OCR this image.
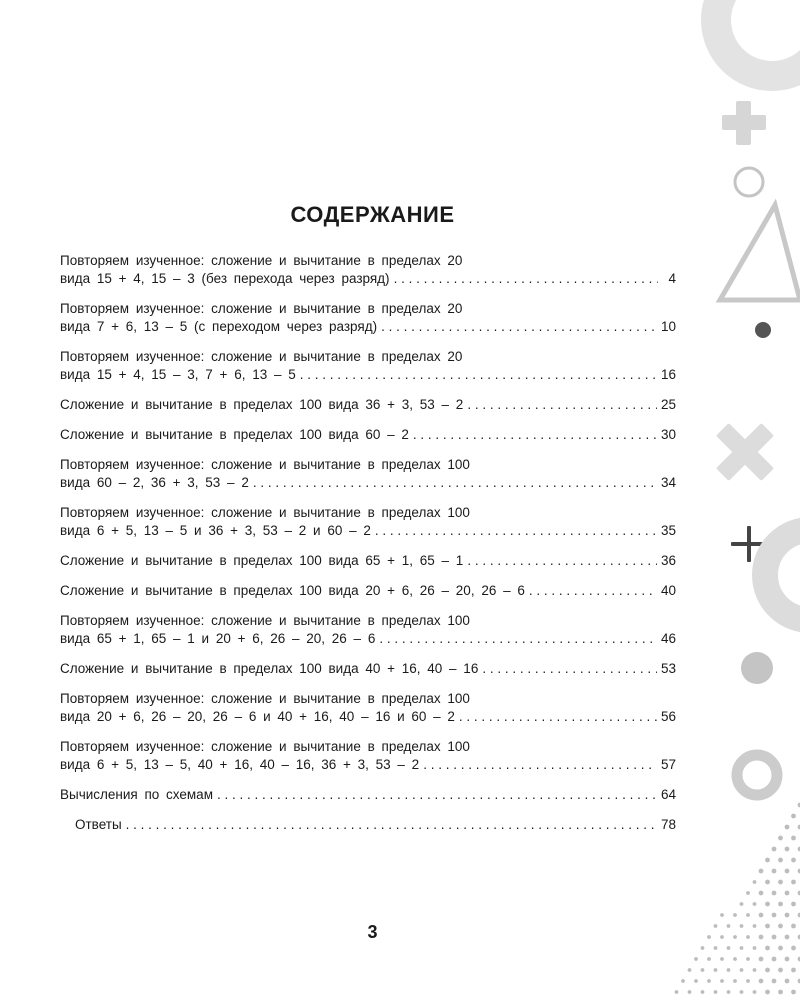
СОДЕРЖАНИЕ
Повторяем изученное: сложение и вычитание в пределах 20
вида 15 + 4, 15 – 3 (без перехода через разряд) . . .	4
Повторяем изученное: сложение и вычитание в пределах 20
вида 7 + 6, 13 – 5 (с переходом через разряд) . . .	10
Повторяем изученное: сложение и вычитание в пределах 20
вида 15 + 4, 15 – 3, 7 + 6, 13 – 5 . . .	16
Сложение и вычитание в пределах 100 вида 36 + 3, 53 – 2 . . .	25
Сложение и вычитание в пределах 100 вида 60 – 2 . . .	30
Повторяем изученное: сложение и вычитание в пределах 100
вида 60 – 2, 36 + 3, 53 – 2 . . .	34
Повторяем изученное: сложение и вычитание в пределах 100
вида 6 + 5, 13 – 5 и 36 + 3, 53 – 2 и 60 – 2 . . .	35
Сложение и вычитание в пределах 100 вида 65 + 1, 65 – 1 . . .	36
Сложение и вычитание в пределах 100 вида 20 + 6, 26 – 20, 26 – 6 . . .	40
Повторяем изученное: сложение и вычитание в пределах 100
вида 65 + 1, 65 – 1 и 20 + 6, 26 – 20, 26 – 6 . . .	46
Сложение и вычитание в пределах 100 вида 40 + 16, 40 – 16 . . .	53
Повторяем изученное: сложение и вычитание в пределах 100
вида 20 + 6, 26 – 20, 26 – 6 и 40 + 16, 40 – 16 и 60 – 2 . . .	56
Повторяем изученное: сложение и вычитание в пределах 100
вида 6 + 5, 13 – 5, 40 + 16, 40 – 16, 36 + 3, 53 – 2 . . .	57
Вычисления по схемам . . .	64
Ответы . . .	78
3
